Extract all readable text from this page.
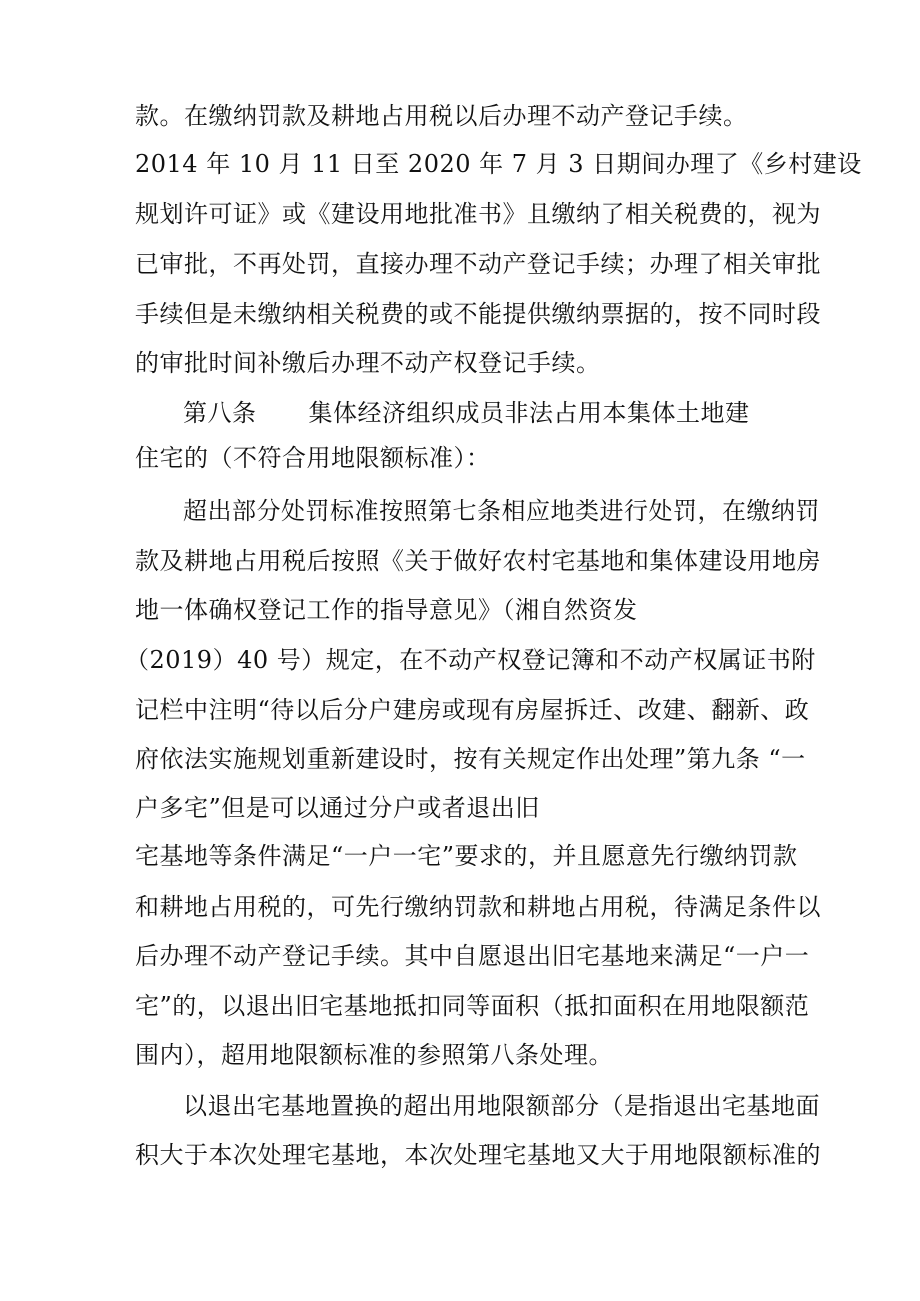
款。在缴纳罚款及耕地占用税以后办理不动产登记手续。
2014 年 10 月 11 日至 2020 年 7 月 3 日期间办理了《乡村建设
规划许可证》或《建设用地批准书》且缴纳了相关税费的，视为
已审批，不再处罚，直接办理不动产登记手续；办理了相关审批
手续但是未缴纳相关税费的或不能提供缴纳票据的，按不同时段
的审批时间补缴后办理不动产权登记手续。
第八条 集体经济组织成员非法占用本集体土地建
住宅的（不符合用地限额标准）：
超出部分处罚标准按照第七条相应地类进行处罚，在缴纳罚
款及耕地占用税后按照《关于做好农村宅基地和集体建设用地房
地一体确权登记工作的指导意见》（湘自然资发
（2019）40 号）规定，在不动产权登记簿和不动产权属证书附
记栏中注明“待以后分户建房或现有房屋拆迁、改建、翻新、政
府依法实施规划重新建设时，按有关规定作出处理”第九条 “一
户多宅”但是可以通过分户或者退出旧
宅基地等条件满足“一户一宅”要求的，并且愿意先行缴纳罚款
和耕地占用税的，可先行缴纳罚款和耕地占用税，待满足条件以
后办理不动产登记手续。其中自愿退出旧宅基地来满足“一户一
宅”的，以退出旧宅基地抵扣同等面积（抵扣面积在用地限额范
围内），超用地限额标准的参照第八条处理。
以退出宅基地置换的超出用地限额部分（是指退出宅基地面
积大于本次处理宅基地，本次处理宅基地又大于用地限额标准的
